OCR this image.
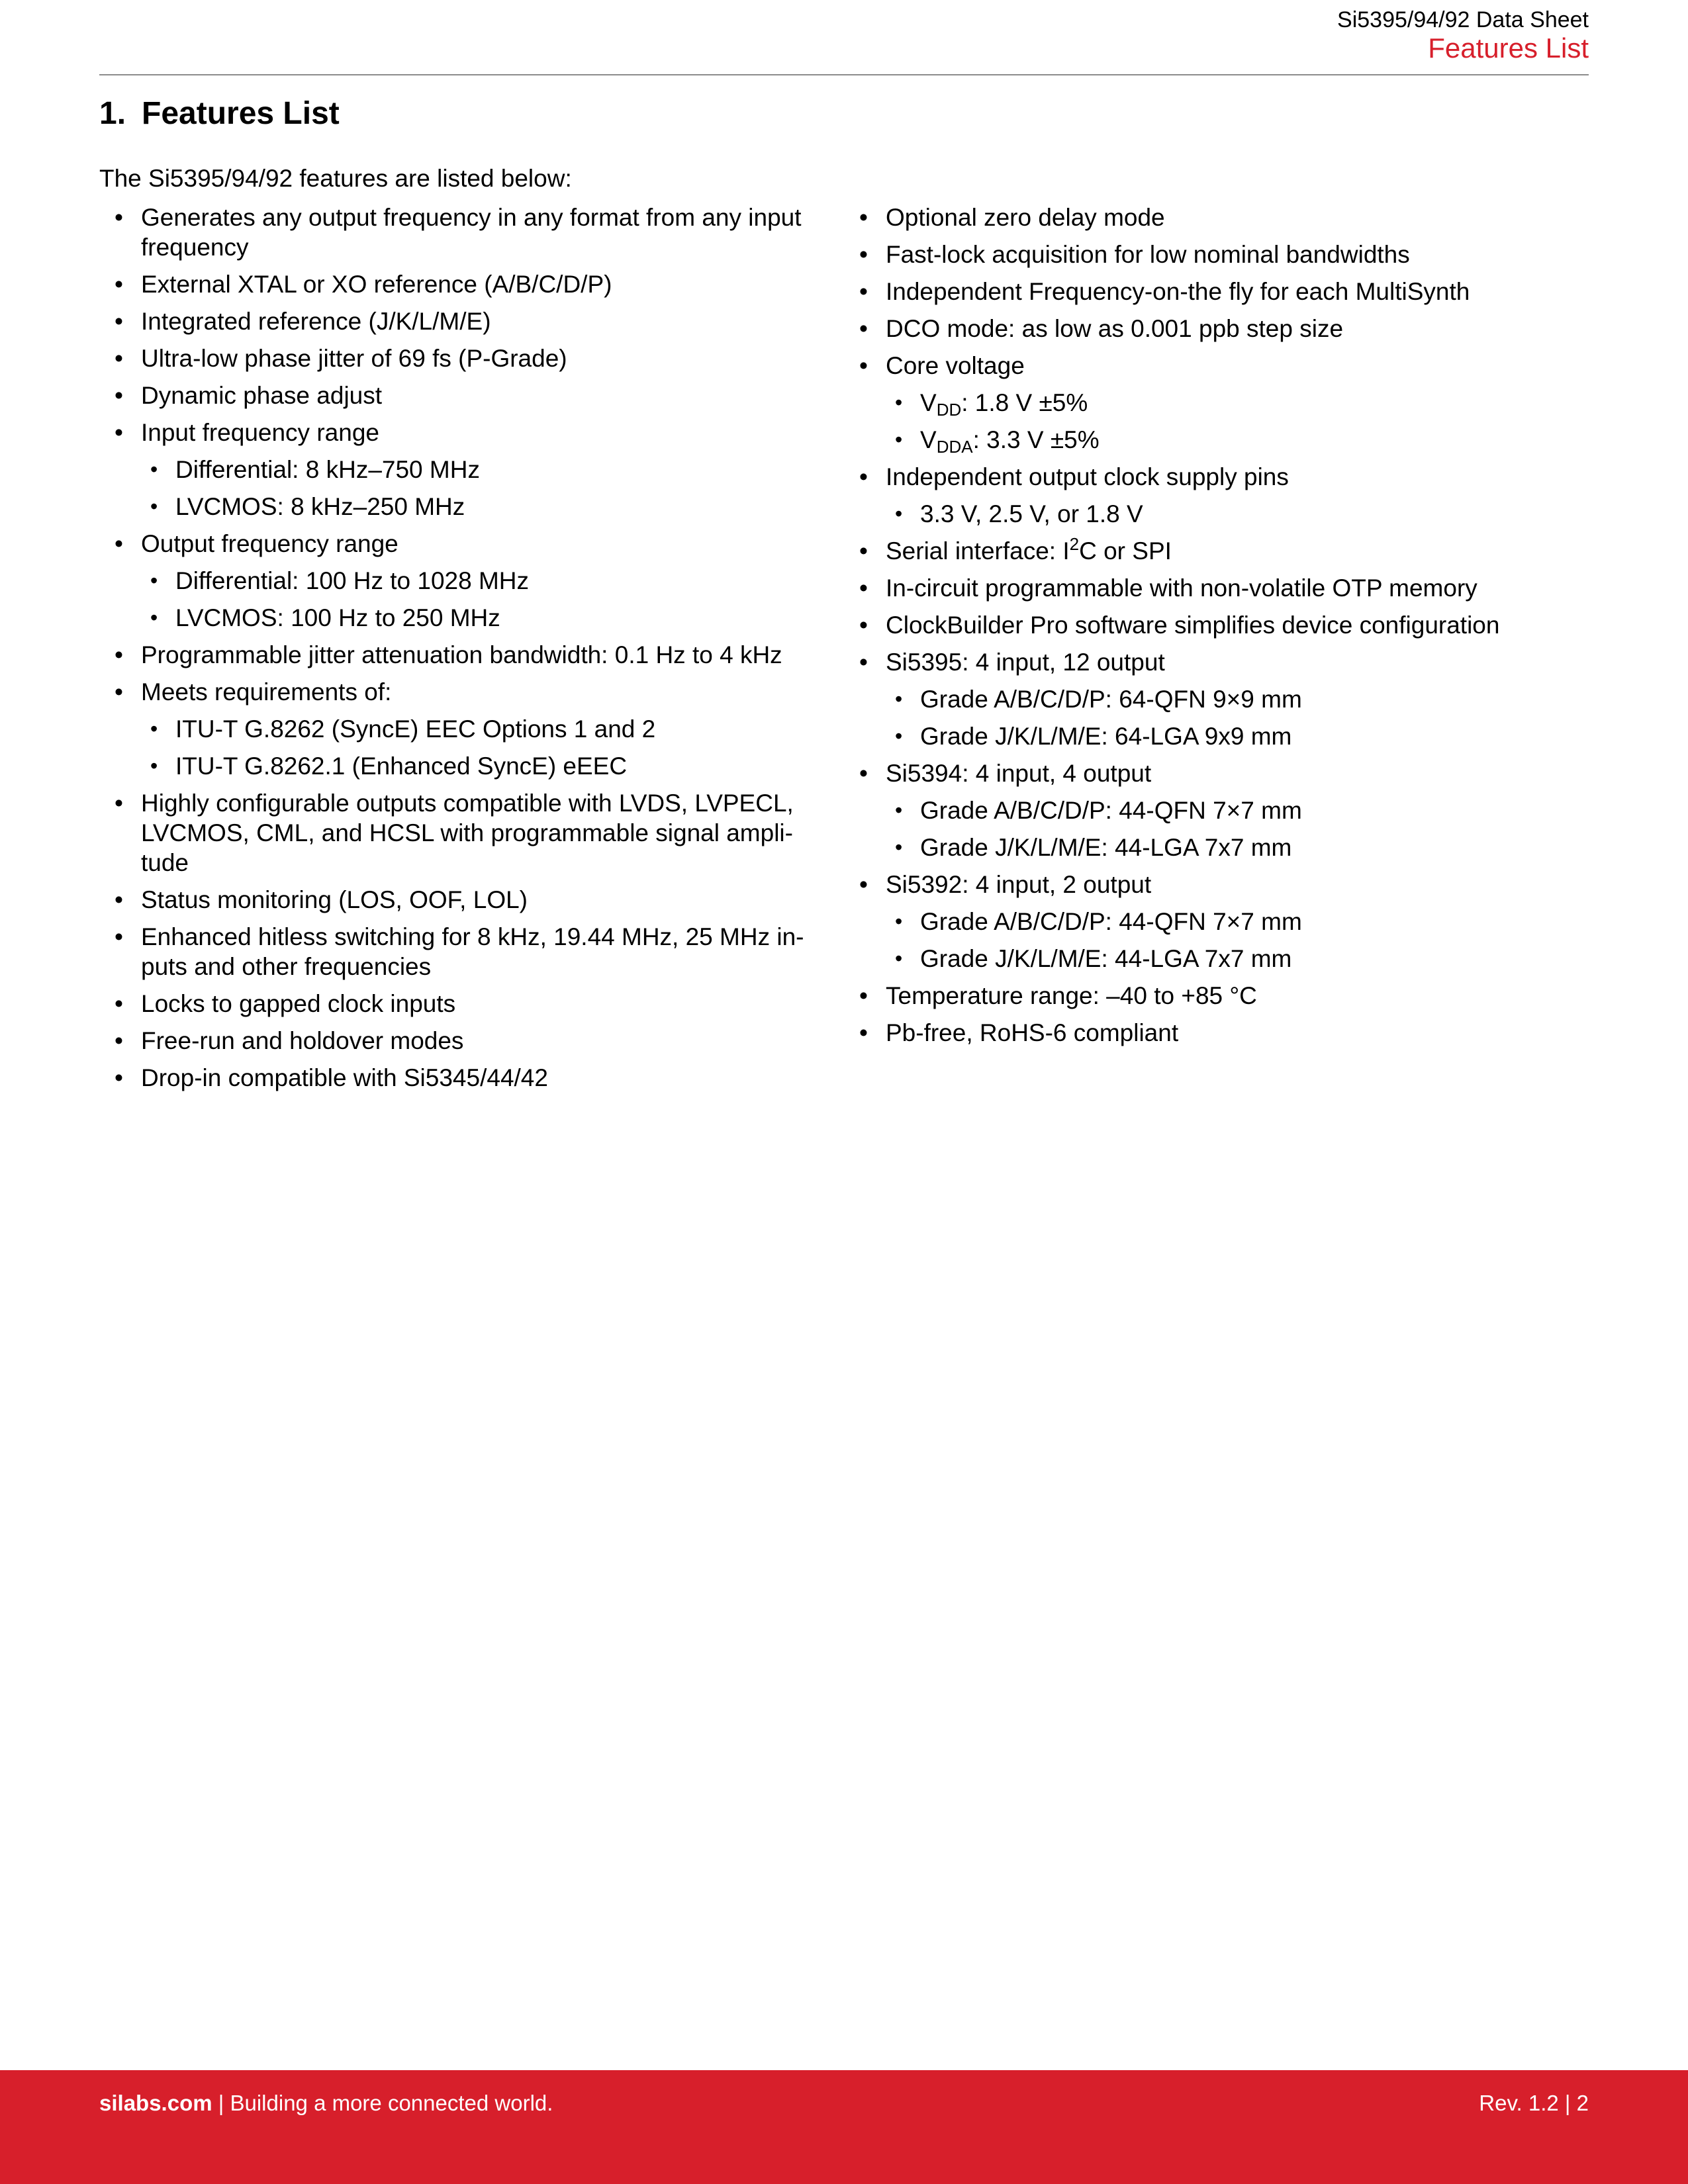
Si5395/94/92 Data Sheet
Features List
1. Features List
The Si5395/94/92 features are listed below:
• Generates any output frequency in any format from any input frequency
• External XTAL or XO reference (A/B/C/D/P)
• Integrated reference (J/K/L/M/E)
• Ultra-low phase jitter of 69 fs (P-Grade)
• Dynamic phase adjust
• Input frequency range
• Differential: 8 kHz–750 MHz
• LVCMOS: 8 kHz–250 MHz
• Output frequency range
• Differential: 100 Hz to 1028 MHz
• LVCMOS: 100 Hz to 250 MHz
• Programmable jitter attenuation bandwidth: 0.1 Hz to 4 kHz
• Meets requirements of:
• ITU-T G.8262 (SyncE) EEC Options 1 and 2
• ITU-T G.8262.1 (Enhanced SyncE) eEEC
• Highly configurable outputs compatible with LVDS, LVPECL, LVCMOS, CML, and HCSL with programmable signal ampli-tude
• Status monitoring (LOS, OOF, LOL)
• Enhanced hitless switching for 8 kHz, 19.44 MHz, 25 MHz in-puts and other frequencies
• Locks to gapped clock inputs
• Free-run and holdover modes
• Drop-in compatible with Si5345/44/42
• Optional zero delay mode
• Fast-lock acquisition for low nominal bandwidths
• Independent Frequency-on-the fly for each MultiSynth
• DCO mode: as low as 0.001 ppb step size
• Core voltage
• $V_{DD}$: 1.8 V ±5%
• $V_{DDA}$: 3.3 V ±5%
• Independent output clock supply pins
• 3.3 V, 2.5 V, or 1.8 V
• Serial interface: $I^2C$ or SPI
• In-circuit programmable with non-volatile OTP memory
• ClockBuilder Pro software simplifies device configuration
• Si5395: 4 input, 12 output
• Grade A/B/C/D/P: 64-QFN 9×9 mm
• Grade J/K/L/M/E: 64-LGA 9x9 mm
• Si5394: 4 input, 4 output
• Grade A/B/C/D/P: 44-QFN 7×7 mm
• Grade J/K/L/M/E: 44-LGA 7x7 mm
• Si5392: 4 input, 2 output
• Grade A/B/C/D/P: 44-QFN 7×7 mm
• Grade J/K/L/M/E: 44-LGA 7x7 mm
• Temperature range: –40 to +85 °C
• Pb-free, RoHS-6 compliant
silabs.com | Building a more connected world.	Rev. 1.2 | 2
